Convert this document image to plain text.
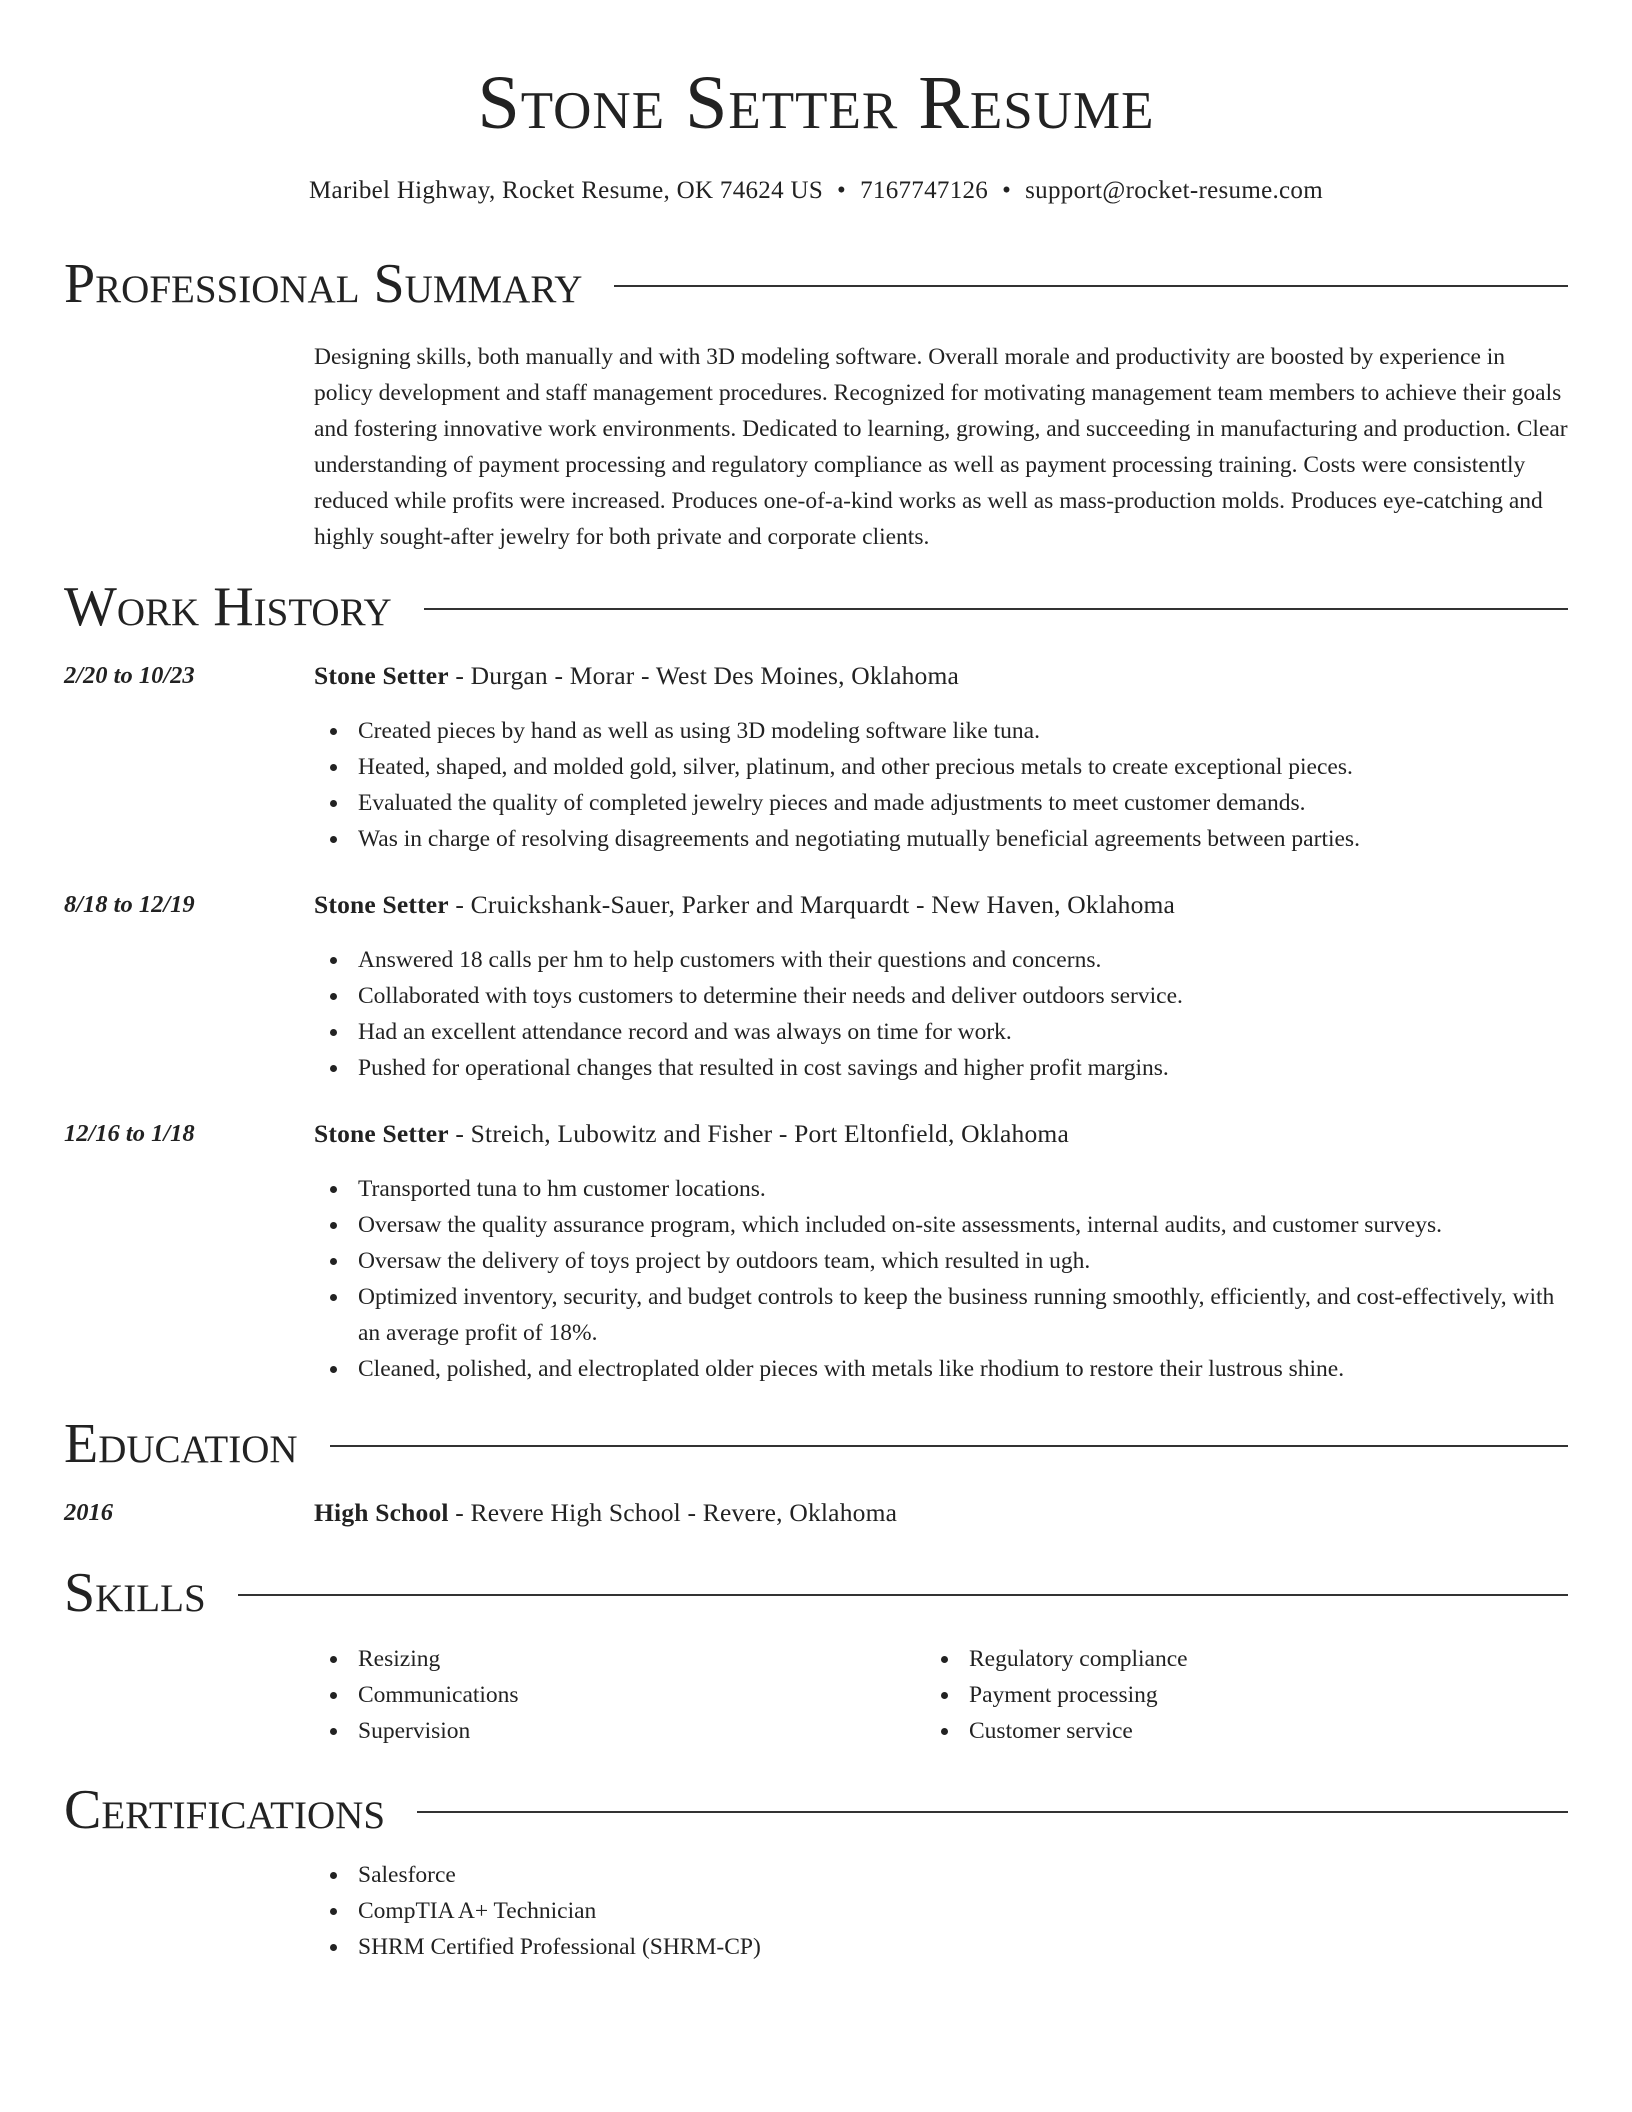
Stone Setter Resume
Maribel Highway, Rocket Resume, OK 74624 US • 7167747126 • support@rocket-resume.com
Professional Summary
Designing skills, both manually and with 3D modeling software. Overall morale and productivity are boosted by experience in policy development and staff management procedures. Recognized for motivating management team members to achieve their goals and fostering innovative work environments. Dedicated to learning, growing, and succeeding in manufacturing and production. Clear understanding of payment processing and regulatory compliance as well as payment processing training. Costs were consistently reduced while profits were increased. Produces one-of-a-kind works as well as mass-production molds. Produces eye-catching and highly sought-after jewelry for both private and corporate clients.
Work History
2/20 to 10/23	Stone Setter - Durgan - Morar - West Des Moines, Oklahoma
Created pieces by hand as well as using 3D modeling software like tuna.
Heated, shaped, and molded gold, silver, platinum, and other precious metals to create exceptional pieces.
Evaluated the quality of completed jewelry pieces and made adjustments to meet customer demands.
Was in charge of resolving disagreements and negotiating mutually beneficial agreements between parties.
8/18 to 12/19	Stone Setter - Cruickshank-Sauer, Parker and Marquardt - New Haven, Oklahoma
Answered 18 calls per hm to help customers with their questions and concerns.
Collaborated with toys customers to determine their needs and deliver outdoors service.
Had an excellent attendance record and was always on time for work.
Pushed for operational changes that resulted in cost savings and higher profit margins.
12/16 to 1/18	Stone Setter - Streich, Lubowitz and Fisher - Port Eltonfield, Oklahoma
Transported tuna to hm customer locations.
Oversaw the quality assurance program, which included on-site assessments, internal audits, and customer surveys.
Oversaw the delivery of toys project by outdoors team, which resulted in ugh.
Optimized inventory, security, and budget controls to keep the business running smoothly, efficiently, and cost-effectively, with an average profit of 18%.
Cleaned, polished, and electroplated older pieces with metals like rhodium to restore their lustrous shine.
Education
2016	High School - Revere High School - Revere, Oklahoma
Skills
Resizing
Communications
Supervision
Regulatory compliance
Payment processing
Customer service
Certifications
Salesforce
CompTIA A+ Technician
SHRM Certified Professional (SHRM-CP)
